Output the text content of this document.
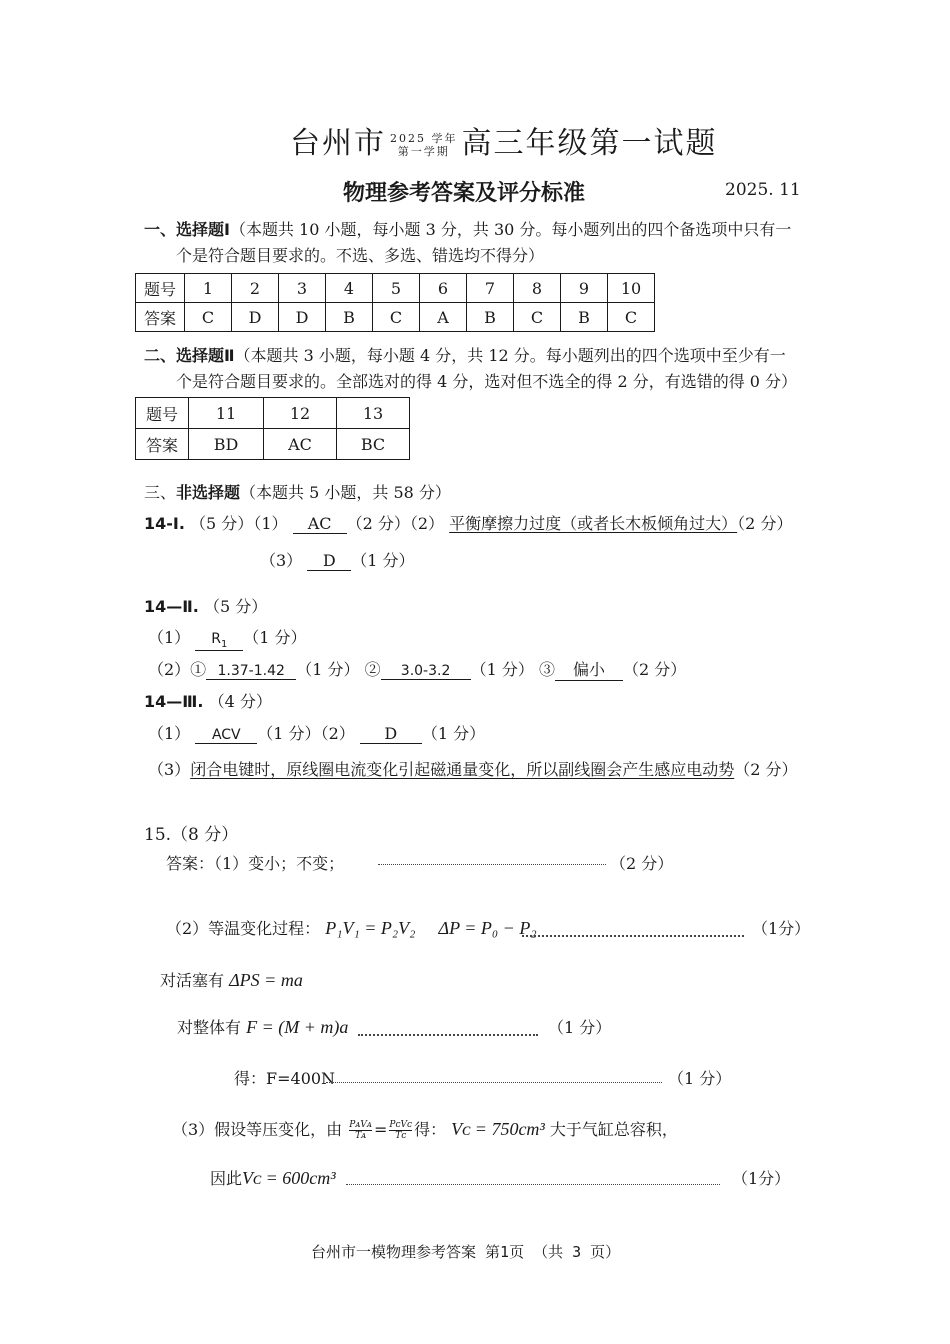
台州市 2025 学年
第一学期 高三年级第一试题
物理参考答案及评分标准	2025. 11
一、选择题Ⅰ（本题共 10 小题，每小题 3 分，共 30 分。每小题列出的四个备选项中只有一
个是符合题目要求的。不选、多选、错选均不得分）
题号	1	2	3	4	5	6	7	8	9	10
答案	C	D	D	B	C	A	B	C	B	C
二、选择题Ⅱ（本题共 3 小题，每小题 4 分，共 12 分。每小题列出的四个选项中至少有一
个是符合题目要求的。全部选对的得 4 分，选对但不选全的得 2 分，有选错的得 0 分）
题号	11	12	13
答案	BD	AC	BC
三、非选择题（本题共 5 小题，共 58 分）
14-Ⅰ. （5 分）（1） AC （2 分）（2） 平衡摩擦力过度（或者长木板倾角过大）（2 分）
（3） D （1 分）
14—Ⅱ. （5 分）
（1） $R_1$ （1 分）
（2）① 1.37-1.42 （1 分） ② 3.0-3.2 （1 分） ③ 偏小 （2 分）
14—Ⅲ. （4 分）
（1） ACV （1 分）（2） D （1 分）
（3）闭合电键时，原线圈电流变化引起磁通量变化，所以副线圈会产生感应电动势（2 分）
15.（8 分）
答案：（1）变小；不变；	（2 分）
（2）等温变化过程： P₁V₁ = P₂V₂ ΔP = P₀ − P₂	（1分）
对活塞有 ΔPS = ma
对整体有 F = (M + m)a	（1 分）
得：F=400N	（1 分）
（3）假设等压变化，由 $\frac{\text{PᴀVᴀ}}{\text{Tᴀ}} = \frac{\text{PᴄVᴄ}}{\text{Tᴄ}}$ 得： Vᴄ = 750cm³ 大于气缸总容积，
因此Vᴄ = 600cm³	（1分）
台州市一模物理参考答案 第1页 （共 3 页）
